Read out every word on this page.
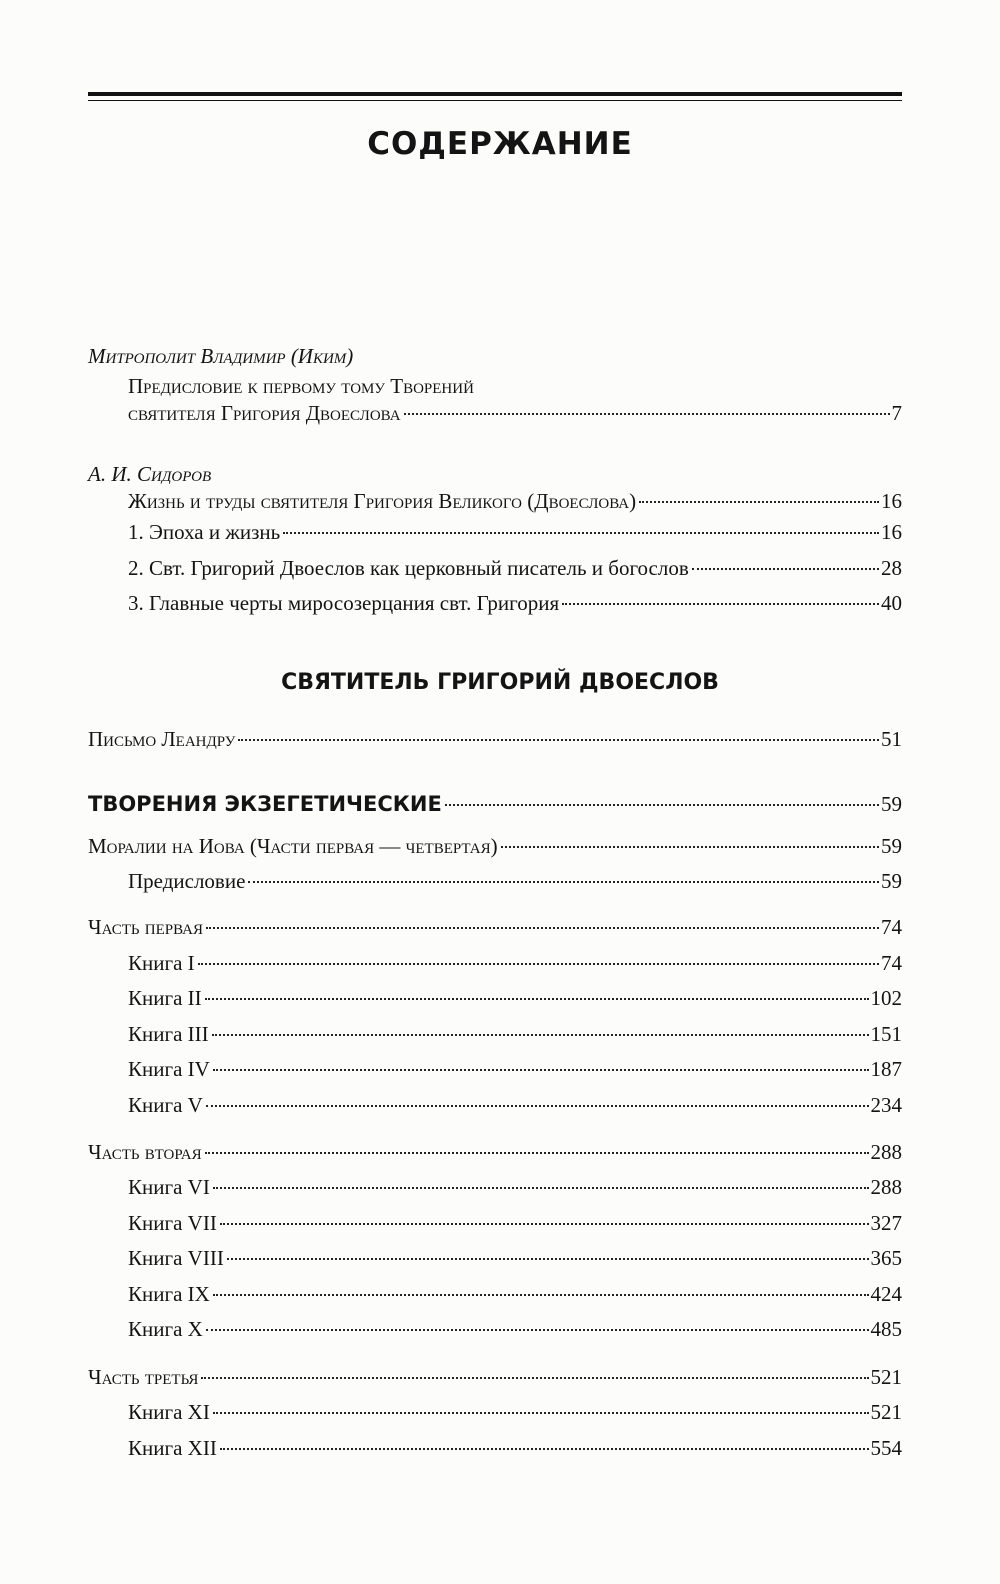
СОДЕРЖАНИЕ
Митрополит Владимир (Иким)
Предисловие к первому тому Творений
святителя Григория Двоеслова	7
А. И. Сидоров
Жизнь и труды святителя Григория Великого (Двоеслова)	16
1. Эпоха и жизнь	16
2. Свт. Григорий Двоеслов как церковный писатель и богослов	28
3. Главные черты миросозерцания свт. Григория	40
СВЯТИТЕЛЬ ГРИГОРИЙ ДВОЕСЛОВ
Письмо Леандру	51
ТВОРЕНИЯ ЭКЗЕГЕТИЧЕСКИЕ	59
Моралии на Иова (Части первая — четвертая)	59
Предисловие	59
Часть первая	74
Книга I	74
Книга II	102
Книга III	151
Книга IV	187
Книга V	234
Часть вторая	288
Книга VI	288
Книга VII	327
Книга VIII	365
Книга IX	424
Книга X	485
Часть третья	521
Книга XI	521
Книга XII	554
